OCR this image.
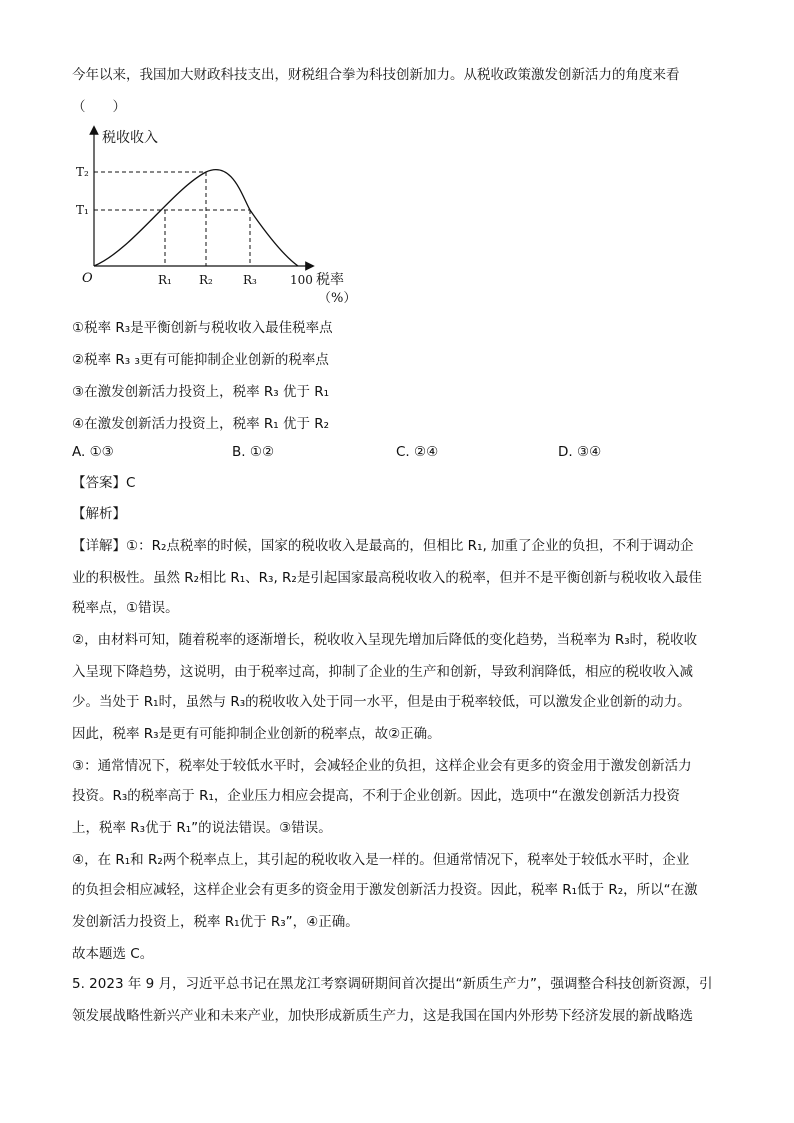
今年以来，我国加大财政科技支出，财税组合拳为科技创新加力。从税收政策激发创新活力的角度来看
（　　）
税收收入
T₂
T₁
O	R₁ R₂	R₃	100 税率
（%）
①税率 R₃是平衡创新与税收收入最佳税率点
②税率 R₃ ₃更有可能抑制企业创新的税率点
③在激发创新活力投资上，税率 R₃ 优于 R₁
④在激发创新活力投资上，税率 R₁ 优于 R₂
A. ①③	B. ①②	C. ②④	D. ③④
【答案】C
【解析】
【详解】①：R₂点税率的时候，国家的税收收入是最高的，但相比 R₁, 加重了企业的负担，不利于调动企
业的积极性。虽然 R₂相比 R₁、R₃, R₂是引起国家最高税收收入的税率，但并不是平衡创新与税收收入最佳
税率点，①错误。
②，由材料可知，随着税率的逐渐增长，税收收入呈现先增加后降低的变化趋势，当税率为 R₃时，税收收
入呈现下降趋势，这说明，由于税率过高，抑制了企业的生产和创新，导致利润降低，相应的税收收入减
少。当处于 R₁时，虽然与 R₃的税收收入处于同一水平，但是由于税率较低，可以激发企业创新的动力。
因此，税率 R₃是更有可能抑制企业创新的税率点，故②正确。
③：通常情况下，税率处于较低水平时，会减轻企业的负担，这样企业会有更多的资金用于激发创新活力
投资。R₃的税率高于 R₁，企业压力相应会提高，不利于企业创新。因此，选项中“在激发创新活力投资
上，税率 R₃优于 R₁”的说法错误。③错误。
④，在 R₁和 R₂两个税率点上，其引起的税收收入是一样的。但通常情况下，税率处于较低水平时，企业
的负担会相应减轻，这样企业会有更多的资金用于激发创新活力投资。因此，税率 R₁低于 R₂，所以“在激
发创新活力投资上，税率 R₁优于 R₃”，④正确。
故本题选 C。
5. 2023 年 9 月，习近平总书记在黑龙江考察调研期间首次提出“新质生产力”，强调整合科技创新资源，引
领发展战略性新兴产业和未来产业，加快形成新质生产力，这是我国在国内外形势下经济发展的新战略选
